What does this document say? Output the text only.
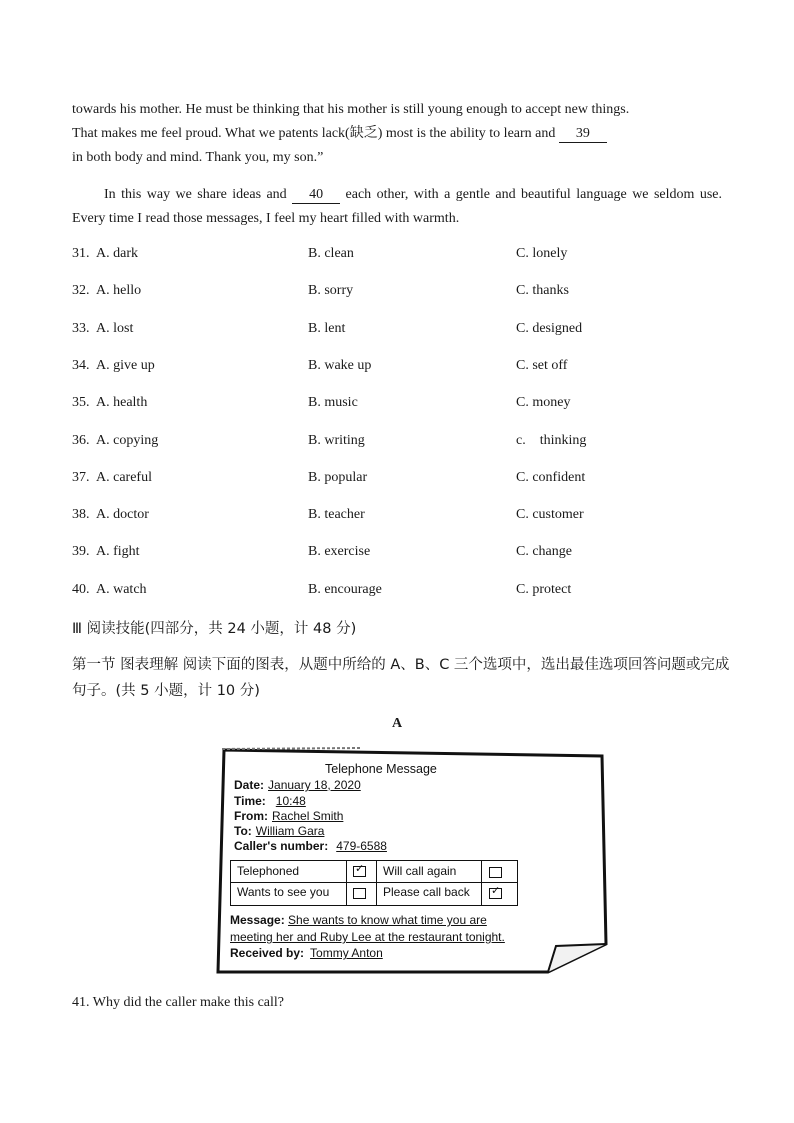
towards his mother. He must be thinking that his mother is still young enough to accept new things.

That makes me feel proud. What we patents lack(缺乏) most is the ability to learn and 39

in both body and mind. Thank you, my son.”

In this way we share ideas and 40 each other, with a gentle and beautiful language we seldom use. Every time I read those messages, I feel my heart filled with warmth.

31. A. dark	B. clean	C. lonely
32. A. hello	B. sorry	C. thanks
33. A. lost	B. lent	C. designed
34. A. give up	B. wake up	C. set off
35. A. health	B. music	C. money
36. A. copying	B. writing	c.    thinking
37. A. careful	B. popular	C. confident
38. A. doctor	B. teacher	C. customer
39. A. fight	B. exercise	C. change
40. A. watch	B. encourage	C. protect
Ⅲ 阅读技能(四部分，共 24 小题，计 48 分)
第一节 图表理解 阅读下面的图表，从题中所给的 A、B、C 三个选项中，选出最佳选项回答问题或完成句子。(共 5 小题，计 10 分)
A
Telephone Message
Date: January 18, 2020
Time: 10:48
From: Rachel Smith
To: William Gara
Caller's number: 479-6588
Telephoned	✓	Will call again
Wants to see you	Please call back ✓
Message: She wants to know what time you are meeting her and Ruby Lee at the restaurant tonight.
Received by: Tommy Anton
41. Why did the caller make this call?
